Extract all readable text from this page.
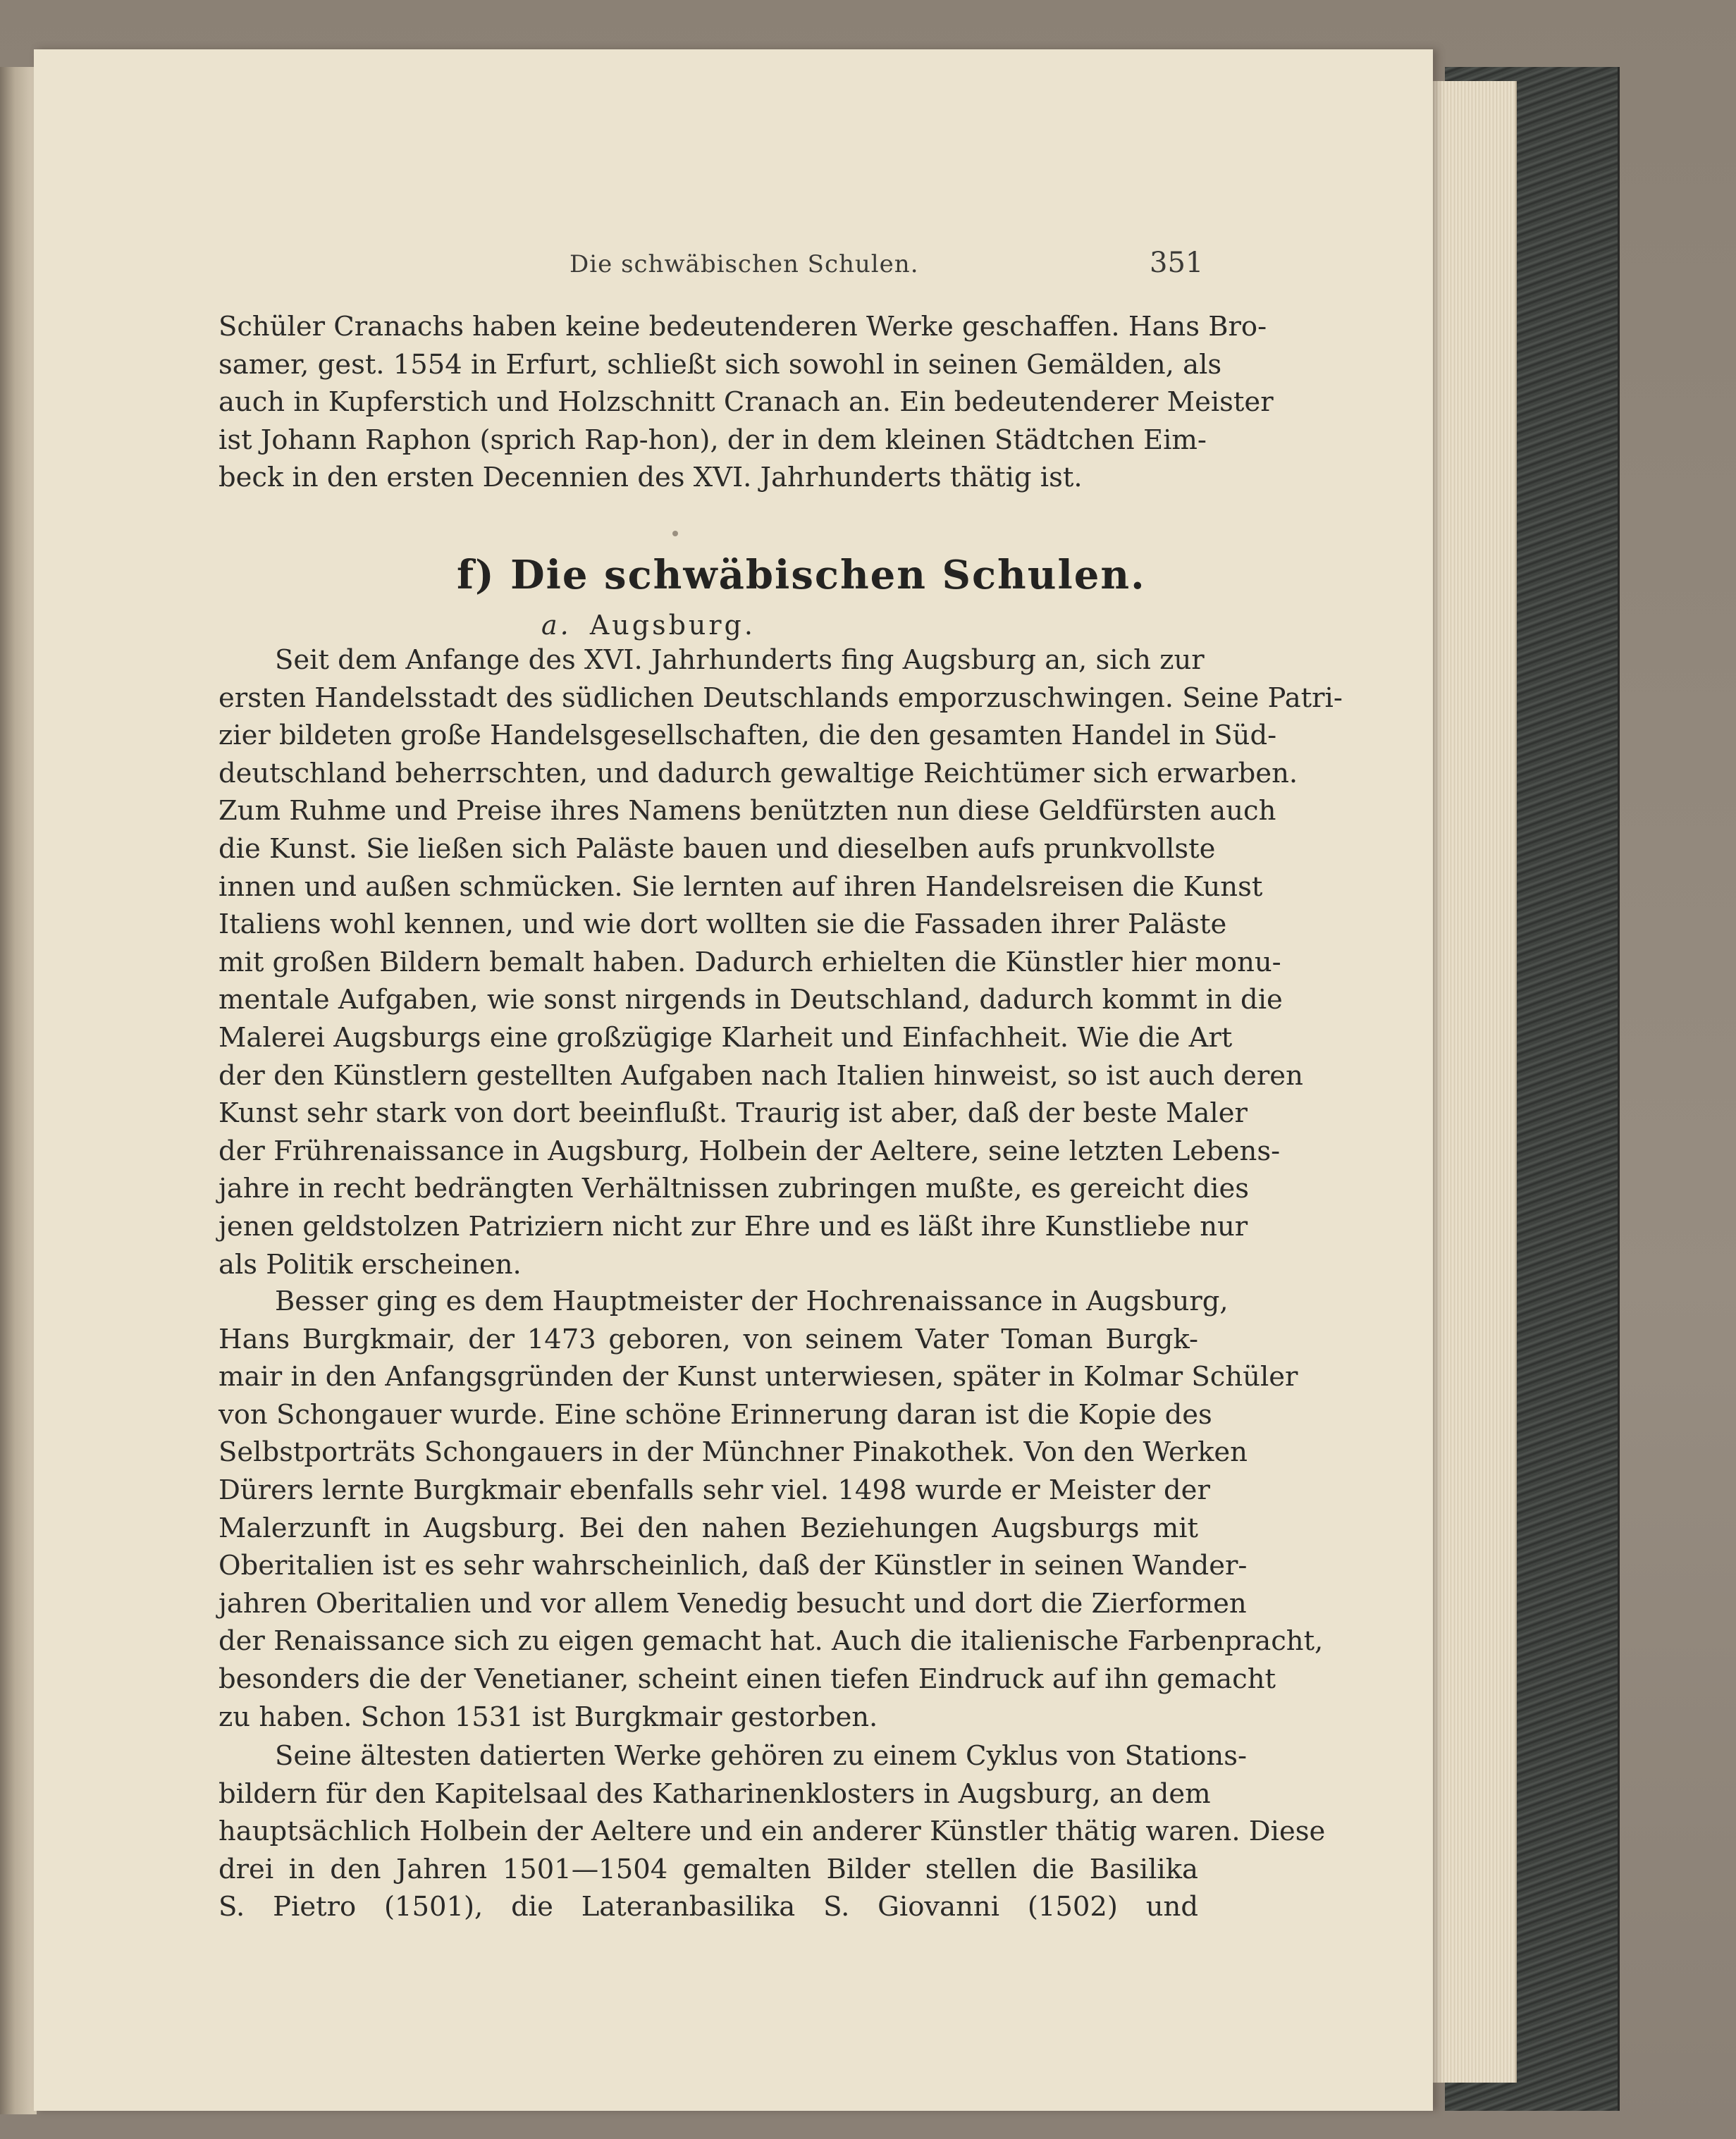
Die schwäbischen Schulen.	351

Schüler Cranachs haben keine bedeutenderen Werke geschaffen. Hans Bro-

samer, gest. 1554 in Erfurt, schließt sich sowohl in seinen Gemälden, als

auch in Kupferstich und Holzschnitt Cranach an. Ein bedeutenderer Meister

ist Johann Raphon (sprich Rap-hon), der in dem kleinen Städtchen Eim-

beck in den ersten Decennien des XVI. Jahrhunderts thätig ist.

f) Die schwäbischen Schulen.
a. Augsburg.

Seit dem Anfange des XVI. Jahrhunderts fing Augsburg an, sich zur

ersten Handelsstadt des südlichen Deutschlands emporzuschwingen. Seine Patri-

zier bildeten große Handelsgesellschaften, die den gesamten Handel in Süd-

deutschland beherrschten, und dadurch gewaltige Reichtümer sich erwarben.

Zum Ruhme und Preise ihres Namens benützten nun diese Geldfürsten auch

die Kunst. Sie ließen sich Paläste bauen und dieselben aufs prunkvollste

innen und außen schmücken. Sie lernten auf ihren Handelsreisen die Kunst

Italiens wohl kennen, und wie dort wollten sie die Fassaden ihrer Paläste

mit großen Bildern bemalt haben. Dadurch erhielten die Künstler hier monu-

mentale Aufgaben, wie sonst nirgends in Deutschland, dadurch kommt in die

Malerei Augsburgs eine großzügige Klarheit und Einfachheit. Wie die Art

der den Künstlern gestellten Aufgaben nach Italien hinweist, so ist auch deren

Kunst sehr stark von dort beeinflußt. Traurig ist aber, daß der beste Maler

der Frührenaissance in Augsburg, Holbein der Aeltere, seine letzten Lebens-

jahre in recht bedrängten Verhältnissen zubringen mußte, es gereicht dies

jenen geldstolzen Patriziern nicht zur Ehre und es läßt ihre Kunstliebe nur

als Politik erscheinen.

Besser ging es dem Hauptmeister der Hochrenaissance in Augsburg,

Hans Burgkmair, der 1473 geboren, von seinem Vater Toman Burgk-

mair in den Anfangsgründen der Kunst unterwiesen, später in Kolmar Schüler

von Schongauer wurde. Eine schöne Erinnerung daran ist die Kopie des

Selbstporträts Schongauers in der Münchner Pinakothek. Von den Werken

Dürers lernte Burgkmair ebenfalls sehr viel. 1498 wurde er Meister der

Malerzunft in Augsburg. Bei den nahen Beziehungen Augsburgs mit

Oberitalien ist es sehr wahrscheinlich, daß der Künstler in seinen Wander-

jahren Oberitalien und vor allem Venedig besucht und dort die Zierformen

der Renaissance sich zu eigen gemacht hat. Auch die italienische Farbenpracht,

besonders die der Venetianer, scheint einen tiefen Eindruck auf ihn gemacht

zu haben. Schon 1531 ist Burgkmair gestorben.

Seine ältesten datierten Werke gehören zu einem Cyklus von Stations-

bildern für den Kapitelsaal des Katharinenklosters in Augsburg, an dem

hauptsächlich Holbein der Aeltere und ein anderer Künstler thätig waren. Diese

drei in den Jahren 1501—1504 gemalten Bilder stellen die Basilika

S. Pietro (1501), die Lateranbasilika S. Giovanni (1502) und
